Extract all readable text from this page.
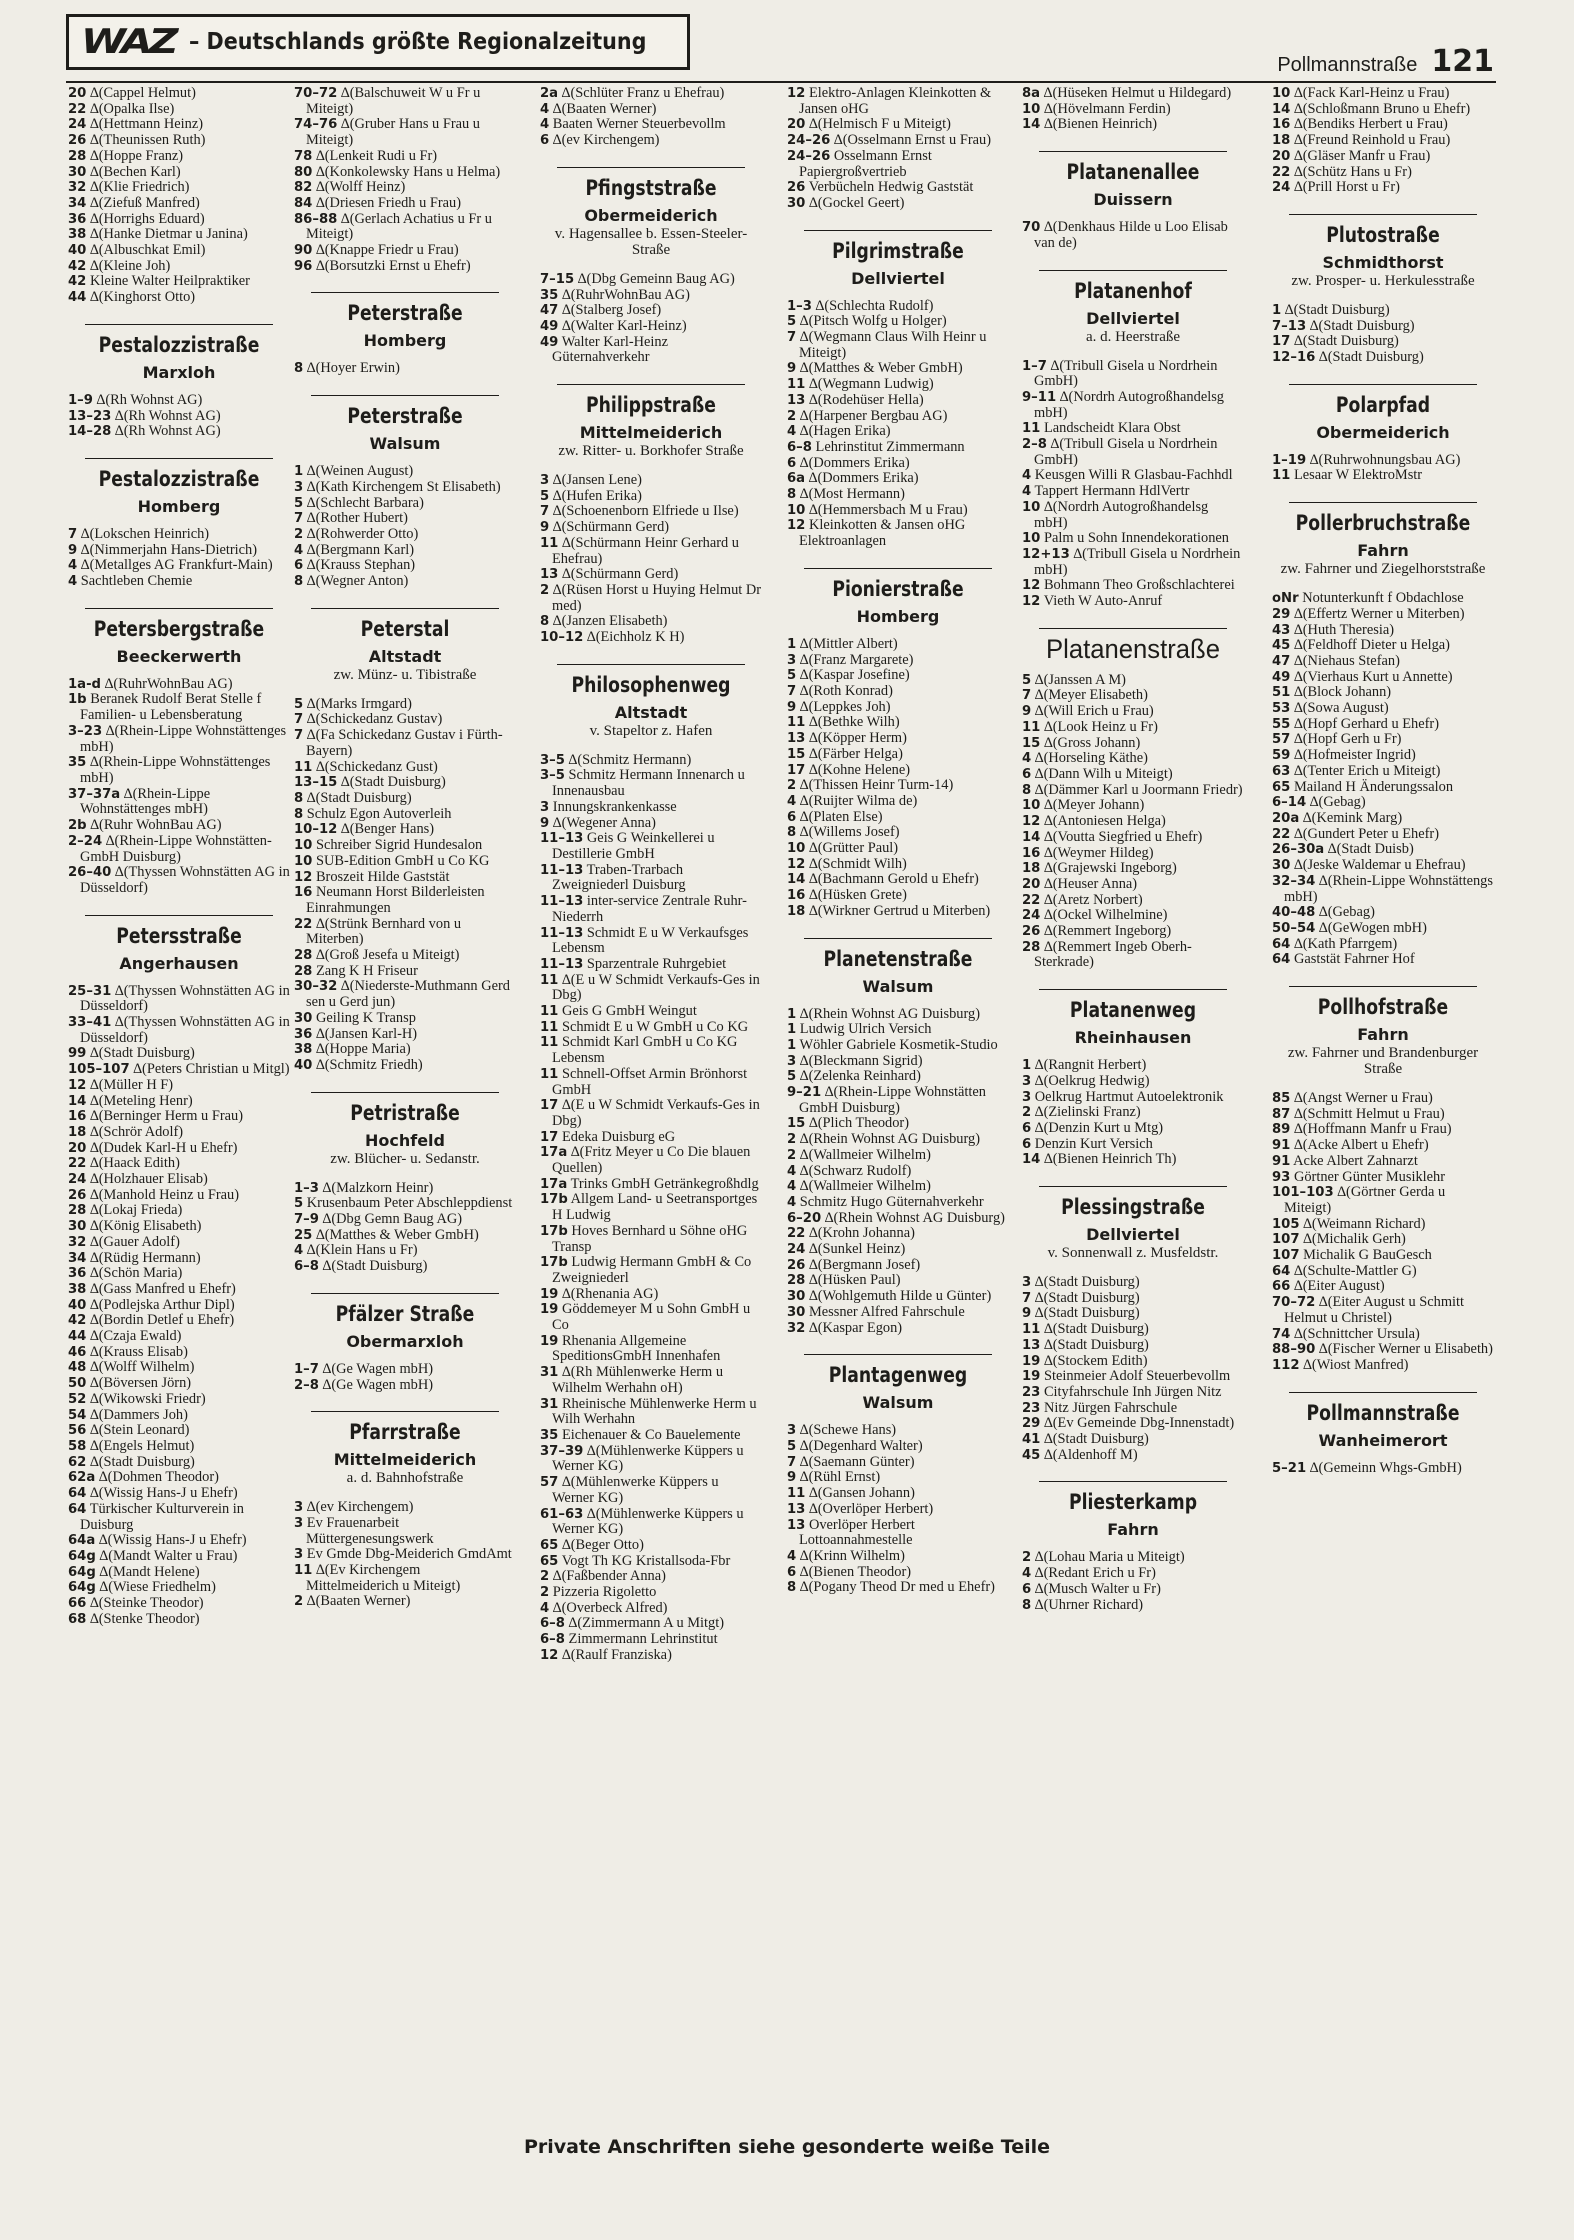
WAZ – Deutschlands größte Regionalzeitung
Pollmannstraße 121
20 ∆(Cappel Helmut)
22 ∆(Opalka Ilse)
24 ∆(Hettmann Heinz)
26 ∆(Theunissen Ruth)
28 ∆(Hoppe Franz)
30 ∆(Bechen Karl)
32 ∆(Klie Friedrich)
34 ∆(Ziefuß Manfred)
36 ∆(Horrighs Eduard)
38 ∆(Hanke Dietmar u Janina)
40 ∆(Albuschkat Emil)
42 ∆(Kleine Joh)
42 Kleine Walter Heilpraktiker
44 ∆(Kinghorst Otto)
Pestalozzistraße
Marxloh
1–9 ∆(Rh Wohnst AG)
13–23 ∆(Rh Wohnst AG)
14–28 ∆(Rh Wohnst AG)
Pestalozzistraße
Homberg
7 ∆(Lokschen Heinrich)
9 ∆(Nimmerjahn Hans-Dietrich)
4 ∆(Metallges AG Frankfurt-Main)
4 Sachtleben Chemie
Petersbergstraße
Beeckerwerth
1a-d ∆(RuhrWohnBau AG)
1b Beranek Rudolf Berat Stelle f Familien- u Lebensberatung
3–23 ∆(Rhein-Lippe Wohnstättenges mbH)
35 ∆(Rhein-Lippe Wohnstättenges mbH)
37–37a ∆(Rhein-Lippe Wohnstättenges mbH)
2b ∆(Ruhr WohnBau AG)
2–24 ∆(Rhein-Lippe Wohnstätten-GmbH Duisburg)
26–40 ∆(Thyssen Wohnstätten AG in Düsseldorf)
Petersstraße
Angerhausen
25–31 ∆(Thyssen Wohnstätten AG in Düsseldorf)
33–41 ∆(Thyssen Wohnstätten AG in Düsseldorf)
99 ∆(Stadt Duisburg)
105–107 ∆(Peters Christian u Mitgl)
12 ∆(Müller H F)
14 ∆(Meteling Henr)
16 ∆(Berninger Herm u Frau)
18 ∆(Schrör Adolf)
20 ∆(Dudek Karl-H u Ehefr)
22 ∆(Haack Edith)
24 ∆(Holzhauer Elisab)
26 ∆(Manhold Heinz u Frau)
28 ∆(Lokaj Frieda)
30 ∆(König Elisabeth)
32 ∆(Gauer Adolf)
34 ∆(Rüdig Hermann)
36 ∆(Schön Maria)
38 ∆(Gass Manfred u Ehefr)
40 ∆(Podlejska Arthur Dipl)
42 ∆(Bordin Detlef u Ehefr)
44 ∆(Czaja Ewald)
46 ∆(Krauss Elisab)
48 ∆(Wolff Wilhelm)
50 ∆(Böversen Jörn)
52 ∆(Wikowski Friedr)
54 ∆(Dammers Joh)
56 ∆(Stein Leonard)
58 ∆(Engels Helmut)
62 ∆(Stadt Duisburg)
62a ∆(Dohmen Theodor)
64 ∆(Wissig Hans-J u Ehefr)
64 Türkischer Kulturverein in Duisburg
64a ∆(Wissig Hans-J u Ehefr)
64g ∆(Mandt Walter u Frau)
64g ∆(Mandt Helene)
64g ∆(Wiese Friedhelm)
66 ∆(Steinke Theodor)
68 ∆(Stenke Theodor)
70–72 ∆(Balschuweit W u Fr u Miteigt)
74–76 ∆(Gruber Hans u Frau u Miteigt)
78 ∆(Lenkeit Rudi u Fr)
80 ∆(Konkolewsky Hans u Helma)
82 ∆(Wolff Heinz)
84 ∆(Driesen Friedh u Frau)
86–88 ∆(Gerlach Achatius u Fr u Miteigt)
90 ∆(Knappe Friedr u Frau)
96 ∆(Borsutzki Ernst u Ehefr)
Peterstraße
Homberg
8 ∆(Hoyer Erwin)
Peterstraße
Walsum
1 ∆(Weinen August)
3 ∆(Kath Kirchengem St Elisabeth)
5 ∆(Schlecht Barbara)
7 ∆(Rother Hubert)
2 ∆(Rohwerder Otto)
4 ∆(Bergmann Karl)
6 ∆(Krauss Stephan)
8 ∆(Wegner Anton)
Peterstal
Altstadt
zw. Münz- u. Tibistraße
5 ∆(Marks Irmgard)
7 ∆(Schickedanz Gustav)
7 ∆(Fa Schickedanz Gustav i Fürth-Bayern)
11 ∆(Schickedanz Gust)
13–15 ∆(Stadt Duisburg)
8 ∆(Stadt Duisburg)
8 Schulz Egon Autoverleih
10–12 ∆(Benger Hans)
10 Schreiber Sigrid Hundesalon
10 SUB-Edition GmbH u Co KG
12 Broszeit Hilde Gaststät
16 Neumann Horst Bilderleisten Einrahmungen
22 ∆(Strünk Bernhard von u Miterben)
28 ∆(Groß Jesefa u Miteigt)
28 Zang K H Friseur
30–32 ∆(Niederste-Muthmann Gerd sen u Gerd jun)
30 Geiling K Transp
36 ∆(Jansen Karl-H)
38 ∆(Hoppe Maria)
40 ∆(Schmitz Friedh)
Petristraße
Hochfeld
zw. Blücher- u. Sedanstr.
1–3 ∆(Malzkorn Heinr)
5 Krusenbaum Peter Abschleppdienst
7–9 ∆(Dbg Gemn Baug AG)
25 ∆(Matthes & Weber GmbH)
4 ∆(Klein Hans u Fr)
6–8 ∆(Stadt Duisburg)
Pfälzer Straße
Obermarxloh
1–7 ∆(Ge Wagen mbH)
2–8 ∆(Ge Wagen mbH)
Pfarrstraße
Mittelmeiderich
a. d. Bahnhofstraße
3 ∆(ev Kirchengem)
3 Ev Frauenarbeit Müttergenesungswerk
3 Ev Gmde Dbg-Meiderich GmdAmt
11 ∆(Ev Kirchengem Mittelmeiderich u Miteigt)
2 ∆(Baaten Werner)
2a ∆(Schlüter Franz u Ehefrau)
4 ∆(Baaten Werner)
4 Baaten Werner Steuerbevollm
6 ∆(ev Kirchengem)
Pfingststraße
Obermeiderich
v. Hagensallee b. Essen-Steeler-Straße
7–15 ∆(Dbg Gemeinn Baug AG)
35 ∆(RuhrWohnBau AG)
47 ∆(Stalberg Josef)
49 ∆(Walter Karl-Heinz)
49 Walter Karl-Heinz Güternahverkehr
Philippstraße
Mittelmeiderich
zw. Ritter- u. Borkhofer Straße
3 ∆(Jansen Lene)
5 ∆(Hufen Erika)
7 ∆(Schoenenborn Elfriede u Ilse)
9 ∆(Schürmann Gerd)
11 ∆(Schürmann Heinr Gerhard u Ehefrau)
13 ∆(Schürmann Gerd)
2 ∆(Rüsen Horst u Huying Helmut Dr med)
8 ∆(Janzen Elisabeth)
10–12 ∆(Eichholz K H)
Philosophenweg
Altstadt
v. Stapeltor z. Hafen
3–5 ∆(Schmitz Hermann)
3–5 Schmitz Hermann Innenarch u Innenausbau
3 Innungskrankenkasse
9 ∆(Wegener Anna)
11–13 Geis G Weinkellerei u Destillerie GmbH
11–13 Traben-Trarbach Zweigniederl Duisburg
11–13 inter-service Zentrale Ruhr-Niederrh
11–13 Schmidt E u W Verkaufsges Lebensm
11–13 Sparzentrale Ruhrgebiet
11 ∆(E u W Schmidt Verkaufs-Ges in Dbg)
11 Geis G GmbH Weingut
11 Schmidt E u W GmbH u Co KG
11 Schmidt Karl GmbH u Co KG Lebensm
11 Schnell-Offset Armin Brönhorst GmbH
17 ∆(E u W Schmidt Verkaufs-Ges in Dbg)
17 Edeka Duisburg eG
17a ∆(Fritz Meyer u Co Die blauen Quellen)
17a Trinks GmbH Getränkegroßhdlg
17b Allgem Land- u Seetransportges H Ludwig
17b Hoves Bernhard u Söhne oHG Transp
17b Ludwig Hermann GmbH & Co Zweigniederl
19 ∆(Rhenania AG)
19 Göddemeyer M u Sohn GmbH u Co
19 Rhenania Allgemeine SpeditionsGmbH Innenhafen
31 ∆(Rh Mühlenwerke Herm u Wilhelm Werhahn oH)
31 Rheinische Mühlenwerke Herm u Wilh Werhahn
35 Eichenauer & Co Bauelemente
37–39 ∆(Mühlenwerke Küppers u Werner KG)
57 ∆(Mühlenwerke Küppers u Werner KG)
61–63 ∆(Mühlenwerke Küppers u Werner KG)
65 ∆(Beger Otto)
65 Vogt Th KG Kristallsoda-Fbr
2 ∆(Faßbender Anna)
2 Pizzeria Rigoletto
4 ∆(Overbeck Alfred)
6–8 ∆(Zimmermann A u Mitgt)
6–8 Zimmermann Lehrinstitut
12 ∆(Raulf Franziska)
12 Elektro-Anlagen Kleinkotten & Jansen oHG
20 ∆(Helmisch F u Miteigt)
24–26 ∆(Osselmann Ernst u Frau)
24–26 Osselmann Ernst Papiergroßvertrieb
26 Verbücheln Hedwig Gaststät
30 ∆(Gockel Geert)
Pilgrimstraße
Dellviertel
1–3 ∆(Schlechta Rudolf)
5 ∆(Pitsch Wolfg u Holger)
7 ∆(Wegmann Claus Wilh Heinr u Miteigt)
9 ∆(Matthes & Weber GmbH)
11 ∆(Wegmann Ludwig)
13 ∆(Rodehüser Hella)
2 ∆(Harpener Bergbau AG)
4 ∆(Hagen Erika)
6–8 Lehrinstitut Zimmermann
6 ∆(Dommers Erika)
6a ∆(Dommers Erika)
8 ∆(Most Hermann)
10 ∆(Hemmersbach M u Frau)
12 Kleinkotten & Jansen oHG Elektroanlagen
Pionierstraße
Homberg
1 ∆(Mittler Albert)
3 ∆(Franz Margarete)
5 ∆(Kaspar Josefine)
7 ∆(Roth Konrad)
9 ∆(Leppkes Joh)
11 ∆(Bethke Wilh)
13 ∆(Köpper Herm)
15 ∆(Färber Helga)
17 ∆(Kohne Helene)
2 ∆(Thissen Heinr Turm-14)
4 ∆(Ruijter Wilma de)
6 ∆(Platen Else)
8 ∆(Willems Josef)
10 ∆(Grütter Paul)
12 ∆(Schmidt Wilh)
14 ∆(Bachmann Gerold u Ehefr)
16 ∆(Hüsken Grete)
18 ∆(Wirkner Gertrud u Miterben)
Planetenstraße
Walsum
1 ∆(Rhein Wohnst AG Duisburg)
1 Ludwig Ulrich Versich
1 Wöhler Gabriele Kosmetik-Studio
3 ∆(Bleckmann Sigrid)
5 ∆(Zelenka Reinhard)
9–21 ∆(Rhein-Lippe Wohnstätten GmbH Duisburg)
15 ∆(Plich Theodor)
2 ∆(Rhein Wohnst AG Duisburg)
2 ∆(Wallmeier Wilhelm)
4 ∆(Schwarz Rudolf)
4 ∆(Wallmeier Wilhelm)
4 Schmitz Hugo Güternahverkehr
6–20 ∆(Rhein Wohnst AG Duisburg)
22 ∆(Krohn Johanna)
24 ∆(Sunkel Heinz)
26 ∆(Bergmann Josef)
28 ∆(Hüsken Paul)
30 ∆(Wohlgemuth Hilde u Günter)
30 Messner Alfred Fahrschule
32 ∆(Kaspar Egon)
Plantagenweg
Walsum
3 ∆(Schewe Hans)
5 ∆(Degenhard Walter)
7 ∆(Saemann Günter)
9 ∆(Rühl Ernst)
11 ∆(Gansen Johann)
13 ∆(Overlöper Herbert)
13 Overlöper Herbert Lottoannahmestelle
4 ∆(Krinn Wilhelm)
6 ∆(Bienen Theodor)
8 ∆(Pogany Theod Dr med u Ehefr)
8a ∆(Hüseken Helmut u Hildegard)
10 ∆(Hövelmann Ferdin)
14 ∆(Bienen Heinrich)
Platanenallee
Duissern
70 ∆(Denkhaus Hilde u Loo Elisab van de)
Platanenhof
Dellviertel
a. d. Heerstraße
1–7 ∆(Tribull Gisela u Nordrhein GmbH)
9–11 ∆(Nordrh Autogroßhandelsg mbH)
11 Landscheidt Klara Obst
2–8 ∆(Tribull Gisela u Nordrhein GmbH)
4 Keusgen Willi R Glasbau-Fachhdl
4 Tappert Hermann HdlVertr
10 ∆(Nordrh Autogroßhandelsg mbH)
10 Palm u Sohn Innendekorationen
12+13 ∆(Tribull Gisela u Nordrhein mbH)
12 Bohmann Theo Großschlachterei
12 Vieth W Auto-Anruf
Platanenstraße
5 ∆(Janssen A M)
7 ∆(Meyer Elisabeth)
9 ∆(Will Erich u Frau)
11 ∆(Look Heinz u Fr)
15 ∆(Gross Johann)
4 ∆(Horseling Käthe)
6 ∆(Dann Wilh u Miteigt)
8 ∆(Dämmer Karl u Joormann Friedr)
10 ∆(Meyer Johann)
12 ∆(Antoniesen Helga)
14 ∆(Voutta Siegfried u Ehefr)
16 ∆(Weymer Hildeg)
18 ∆(Grajewski Ingeborg)
20 ∆(Heuser Anna)
22 ∆(Aretz Norbert)
24 ∆(Ockel Wilhelmine)
26 ∆(Remmert Ingeborg)
28 ∆(Remmert Ingeb Oberh-Sterkrade)
Platanenweg
Rheinhausen
1 ∆(Rangnit Herbert)
3 ∆(Oelkrug Hedwig)
3 Oelkrug Hartmut Autoelektronik
2 ∆(Zielinski Franz)
6 ∆(Denzin Kurt u Mtg)
6 Denzin Kurt Versich
14 ∆(Bienen Heinrich Th)
Plessingstraße
Dellviertel
v. Sonnenwall z. Musfeldstr.
3 ∆(Stadt Duisburg)
7 ∆(Stadt Duisburg)
9 ∆(Stadt Duisburg)
11 ∆(Stadt Duisburg)
13 ∆(Stadt Duisburg)
19 ∆(Stockem Edith)
19 Steinmeier Adolf Steuerbevollm
23 Cityfahrschule Inh Jürgen Nitz
23 Nitz Jürgen Fahrschule
29 ∆(Ev Gemeinde Dbg-Innenstadt)
41 ∆(Stadt Duisburg)
45 ∆(Aldenhoff M)
Pliesterkamp
Fahrn
2 ∆(Lohau Maria u Miteigt)
4 ∆(Redant Erich u Fr)
6 ∆(Musch Walter u Fr)
8 ∆(Uhrner Richard)
10 ∆(Fack Karl-Heinz u Frau)
14 ∆(Schloßmann Bruno u Ehefr)
16 ∆(Bendiks Herbert u Frau)
18 ∆(Freund Reinhold u Frau)
20 ∆(Gläser Manfr u Frau)
22 ∆(Schütz Hans u Fr)
24 ∆(Prill Horst u Fr)
Plutostraße
Schmidthorst
zw. Prosper- u. Herkulesstraße
1 ∆(Stadt Duisburg)
7–13 ∆(Stadt Duisburg)
17 ∆(Stadt Duisburg)
12–16 ∆(Stadt Duisburg)
Polarpfad
Obermeiderich
1–19 ∆(Ruhrwohnungsbau AG)
11 Lesaar W ElektroMstr
Pollerbruchstraße
Fahrn
zw. Fahrner und Ziegelhorststraße
oNr Notunterkunft f Obdachlose
29 ∆(Effertz Werner u Miterben)
43 ∆(Huth Theresia)
45 ∆(Feldhoff Dieter u Helga)
47 ∆(Niehaus Stefan)
49 ∆(Vierhaus Kurt u Annette)
51 ∆(Block Johann)
53 ∆(Sowa August)
55 ∆(Hopf Gerhard u Ehefr)
57 ∆(Hopf Gerh u Fr)
59 ∆(Hofmeister Ingrid)
63 ∆(Tenter Erich u Miteigt)
65 Mailand H Änderungssalon
6–14 ∆(Gebag)
20a ∆(Kemink Marg)
22 ∆(Gundert Peter u Ehefr)
26–30a ∆(Stadt Duisb)
30 ∆(Jeske Waldemar u Ehefrau)
32–34 ∆(Rhein-Lippe Wohnstättengs mbH)
40–48 ∆(Gebag)
50–54 ∆(GeWogen mbH)
64 ∆(Kath Pfarrgem)
64 Gaststät Fahrner Hof
Pollhofstraße
Fahrn
zw. Fahrner und Brandenburger Straße
85 ∆(Angst Werner u Frau)
87 ∆(Schmitt Helmut u Frau)
89 ∆(Hoffmann Manfr u Frau)
91 ∆(Acke Albert u Ehefr)
91 Acke Albert Zahnarzt
93 Görtner Günter Musiklehr
101–103 ∆(Görtner Gerda u Miteigt)
105 ∆(Weimann Richard)
107 ∆(Michalik Gerh)
107 Michalik G BauGesch
64 ∆(Schulte-Mattler G)
66 ∆(Eiter August)
70–72 ∆(Eiter August u Schmitt Helmut u Christel)
74 ∆(Schnittcher Ursula)
88–90 ∆(Fischer Werner u Elisabeth)
112 ∆(Wiost Manfred)
Pollmannstraße
Wanheimerort
5–21 ∆(Gemeinn Whgs-GmbH)
Private Anschriften siehe gesonderte weiße Teile
